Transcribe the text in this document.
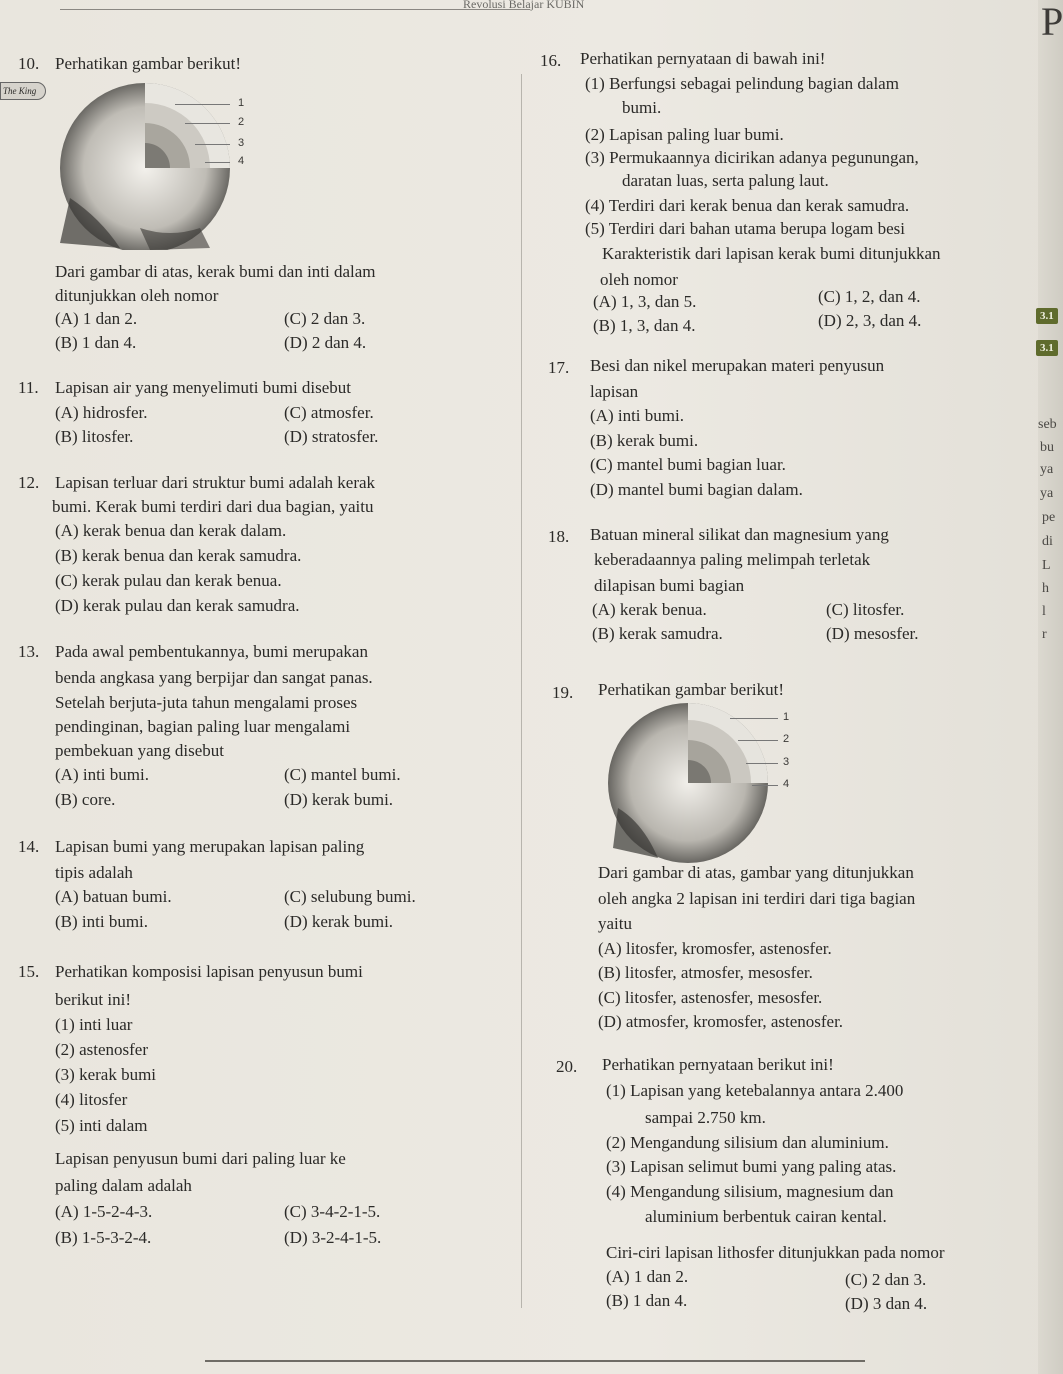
Revolusi Belajar KUBIN	P
3.1
3.1
seb
bu
ya
ya
pe
di
L
h
l
r
10. Perhatikan gambar berikut!
The King
1
2
3
4
Dari gambar di atas, kerak bumi dan inti dalam
ditunjukkan oleh nomor
(A) 1 dan 2.
(B) 1 dan 4.
(C) 2 dan 3.
(D) 2 dan 4.
11. Lapisan air yang menyelimuti bumi disebut
(A) hidrosfer.
(B) litosfer.
(C) atmosfer.
(D) stratosfer.
12. Lapisan terluar dari struktur bumi adalah kerak
bumi. Kerak bumi terdiri dari dua bagian, yaitu
(A) kerak benua dan kerak dalam.
(B) kerak benua dan kerak samudra.
(C) kerak pulau dan kerak benua.
(D) kerak pulau dan kerak samudra.
13. Pada awal pembentukannya, bumi merupakan
benda angkasa yang berpijar dan sangat panas.
Setelah berjuta-juta tahun mengalami proses
pendinginan, bagian paling luar mengalami
pembekuan yang disebut
(A) inti bumi.
(B) core.
(C) mantel bumi.
(D) kerak bumi.
14. Lapisan bumi yang merupakan lapisan paling
tipis adalah
(A) batuan bumi.
(B) inti bumi.
(C) selubung bumi.
(D) kerak bumi.
15. Perhatikan komposisi lapisan penyusun bumi
berikut ini!
(1) inti luar
(2) astenosfer
(3) kerak bumi
(4) litosfer
(5) inti dalam
Lapisan penyusun bumi dari paling luar ke
paling dalam adalah
(A) 1-5-2-4-3.
(B) 1-5-3-2-4.
(C) 3-4-2-1-5.
(D) 3-2-4-1-5.
16. Perhatikan pernyataan di bawah ini!
(1) Berfungsi sebagai pelindung bagian dalam
bumi.
(2) Lapisan paling luar bumi.
(3) Permukaannya dicirikan adanya pegunungan,
daratan luas, serta palung laut.
(4) Terdiri dari kerak benua dan kerak samudra.
(5) Terdiri dari bahan utama berupa logam besi
Karakteristik dari lapisan kerak bumi ditunjukkan
oleh nomor
(A) 1, 3, dan 5.
(B) 1, 3, dan 4.
(C) 1, 2, dan 4.
(D) 2, 3, dan 4.
17. Besi dan nikel merupakan materi penyusun
lapisan
(A) inti bumi.
(B) kerak bumi.
(C) mantel bumi bagian luar.
(D) mantel bumi bagian dalam.
18. Batuan mineral silikat dan magnesium yang
keberadaannya paling melimpah terletak
dilapisan bumi bagian
(A) kerak benua.
(B) kerak samudra.
(C) litosfer.
(D) mesosfer.
19. Perhatikan gambar berikut!
1
2
3
4
Dari gambar di atas, gambar yang ditunjukkan
oleh angka 2 lapisan ini terdiri dari tiga bagian
yaitu
(A) litosfer, kromosfer, astenosfer.
(B) litosfer, atmosfer, mesosfer.
(C) litosfer, astenosfer, mesosfer.
(D) atmosfer, kromosfer, astenosfer.
20. Perhatikan pernyataan berikut ini!
(1) Lapisan yang ketebalannya antara 2.400
sampai 2.750 km.
(2) Mengandung silisium dan aluminium.
(3) Lapisan selimut bumi yang paling atas.
(4) Mengandung silisium, magnesium dan
aluminium berbentuk cairan kental.
Ciri-ciri lapisan lithosfer ditunjukkan pada nomor
(A) 1 dan 2.
(B) 1 dan 4.
(C) 2 dan 3.
(D) 3 dan 4.
